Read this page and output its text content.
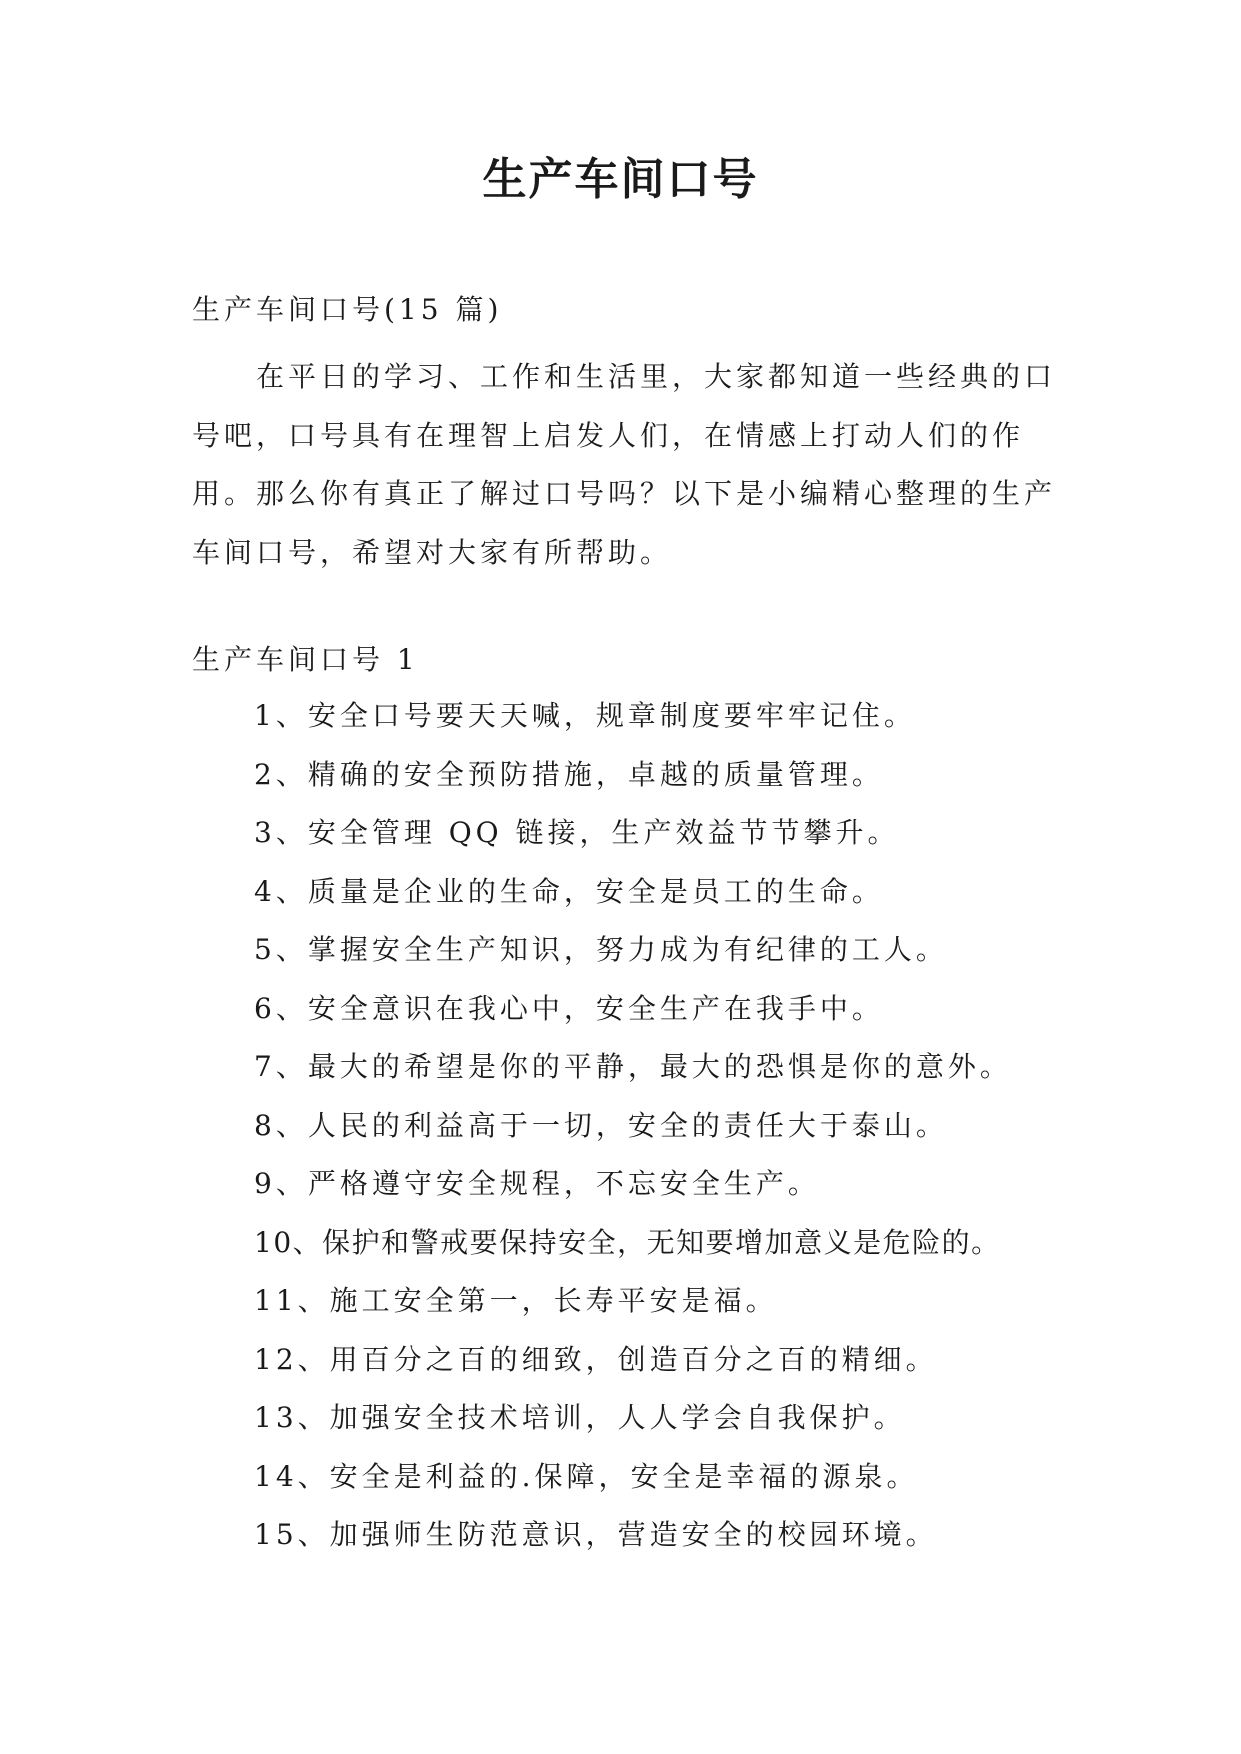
生产车间口号

生产车间口号(15 篇)

在平日的学习、工作和生活里，大家都知道一些经典的口号吧，口号具有在理智上启发人们，在情感上打动人们的作用。那么你有真正了解过口号吗？以下是小编精心整理的生产车间口号，希望对大家有所帮助。

生产车间口号 1

1、安全口号要天天喊，规章制度要牢牢记住。
2、精确的安全预防措施，卓越的质量管理。
3、安全管理 QQ 链接，生产效益节节攀升。
4、质量是企业的生命，安全是员工的生命。
5、掌握安全生产知识，努力成为有纪律的工人。
6、安全意识在我心中，安全生产在我手中。
7、最大的希望是你的平静，最大的恐惧是你的意外。
8、人民的利益高于一切，安全的责任大于泰山。
9、严格遵守安全规程，不忘安全生产。
10、保护和警戒要保持安全，无知要增加意义是危险的。
11、施工安全第一，长寿平安是福。
12、用百分之百的细致，创造百分之百的精细。
13、加强安全技术培训，人人学会自我保护。
14、安全是利益的.保障，安全是幸福的源泉。
15、加强师生防范意识，营造安全的校园环境。
